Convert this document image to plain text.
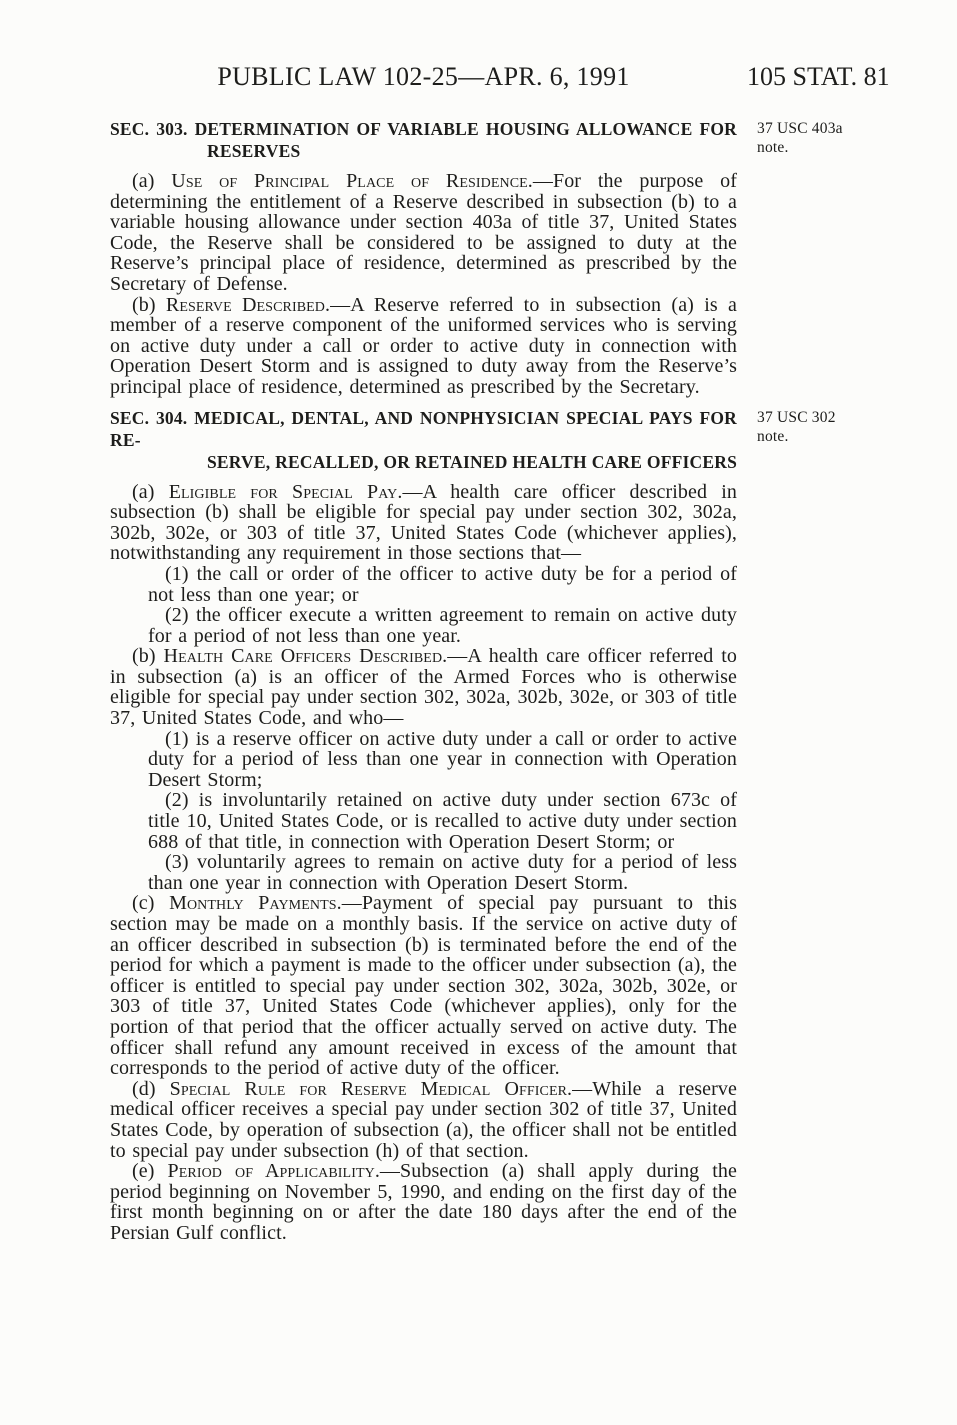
PUBLIC LAW 102-25—APR. 6, 1991	105 STAT. 81
37 USC 403a
note.
SEC. 303. DETERMINATION OF VARIABLE HOUSING ALLOWANCE FOR
RESERVES

(a) Use of Principal Place of Residence.—For the purpose of determining the entitlement of a Reserve described in subsection (b) to a variable housing allowance under section 403a of title 37, United States Code, the Reserve shall be considered to be assigned to duty at the Reserve’s principal place of residence, determined as prescribed by the Secretary of Defense.

(b) Reserve Described.—A Reserve referred to in subsection (a) is a member of a reserve component of the uniformed services who is serving on active duty under a call or order to active duty in connection with Operation Desert Storm and is assigned to duty away from the Reserve’s principal place of residence, determined as prescribed by the Secretary.

37 USC 302
note.
SEC. 304. MEDICAL, DENTAL, AND NONPHYSICIAN SPECIAL PAYS FOR RE-
SERVE, RECALLED, OR RETAINED HEALTH CARE OFFICERS

(a) Eligible for Special Pay.—A health care officer described in subsection (b) shall be eligible for special pay under section 302, 302a, 302b, 302e, or 303 of title 37, United States Code (whichever applies), notwithstanding any requirement in those sections that—

(1) the call or order of the officer to active duty be for a period of not less than one year; or

(2) the officer execute a written agreement to remain on active duty for a period of not less than one year.

(b) Health Care Officers Described.—A health care officer referred to in subsection (a) is an officer of the Armed Forces who is otherwise eligible for special pay under section 302, 302a, 302b, 302e, or 303 of title 37, United States Code, and who—

(1) is a reserve officer on active duty under a call or order to active duty for a period of less than one year in connection with Operation Desert Storm;

(2) is involuntarily retained on active duty under section 673c of title 10, United States Code, or is recalled to active duty under section 688 of that title, in connection with Operation Desert Storm; or

(3) voluntarily agrees to remain on active duty for a period of less than one year in connection with Operation Desert Storm.

(c) Monthly Payments.—Payment of special pay pursuant to this section may be made on a monthly basis. If the service on active duty of an officer described in subsection (b) is terminated before the end of the period for which a payment is made to the officer under subsection (a), the officer is entitled to special pay under section 302, 302a, 302b, 302e, or 303 of title 37, United States Code (whichever applies), only for the portion of that period that the officer actually served on active duty. The officer shall refund any amount received in excess of the amount that corresponds to the period of active duty of the officer.

(d) Special Rule for Reserve Medical Officer.—While a reserve medical officer receives a special pay under section 302 of title 37, United States Code, by operation of subsection (a), the officer shall not be entitled to special pay under subsection (h) of that section.

(e) Period of Applicability.—Subsection (a) shall apply during the period beginning on November 5, 1990, and ending on the first day of the first month beginning on or after the date 180 days after the end of the Persian Gulf conflict.
